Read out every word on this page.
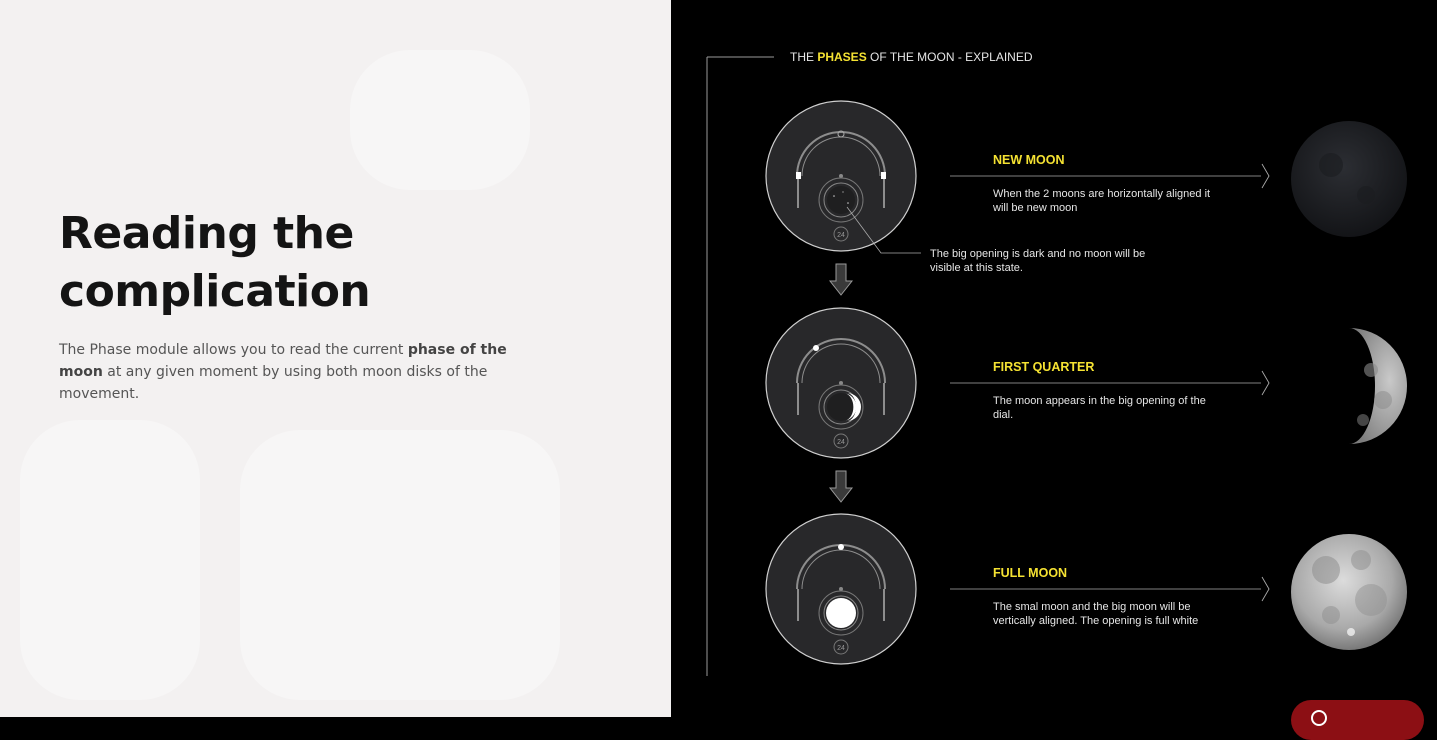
Reading the
complication

The Phase module allows you to read the current phase of the moon at any given moment by using both moon disks of the movement.

THE PHASES OF THE MOON - EXPLAINED
24
The big opening is dark and no moon will be
visible at this state.
24
24
NEW MOON
When the 2 moons are horizontally aligned it
will be new moon
FIRST QUARTER
The moon appears in the big opening of the
dial.
FULL MOON
The smal moon and the big moon will be
vertically aligned. The opening is full white
